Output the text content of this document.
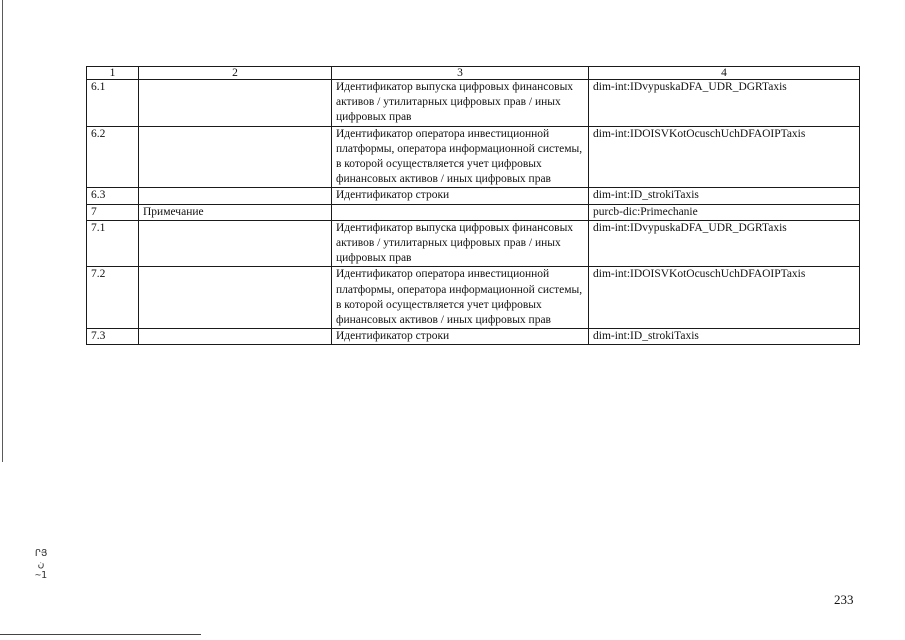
1	2	3	4
6.1		Идентификатор выпуска цифровых финансовых активов / утилитарных цифровых прав / иных цифровых прав	dim-int:IDvypuskaDFA_UDR_DGRTaxis
6.2		Идентификатор оператора инвестиционной платформы, оператора информационной системы, в которой осуществляется учет цифровых финансовых активов / иных цифровых прав	dim-int:IDOISVKotOcuschUchDFAOIPTaxis
6.3		Идентификатор строки	dim-int:ID_strokiTaxis
7	Примечание		purcb-dic:Primechanie
7.1		Идентификатор выпуска цифровых финансовых активов / утилитарных цифровых прав / иных цифровых прав	dim-int:IDvypuskaDFA_UDR_DGRTaxis
7.2		Идентификатор оператора инвестиционной платформы, оператора информационной системы, в которой осуществляется учет цифровых финансовых активов / иных цифровых прав	dim-int:IDOISVKotOcuschUchDFAOIPTaxis
7.3		Идентификатор строки	dim-int:ID_strokiTaxis
ՐՅ
ن
~1
233
